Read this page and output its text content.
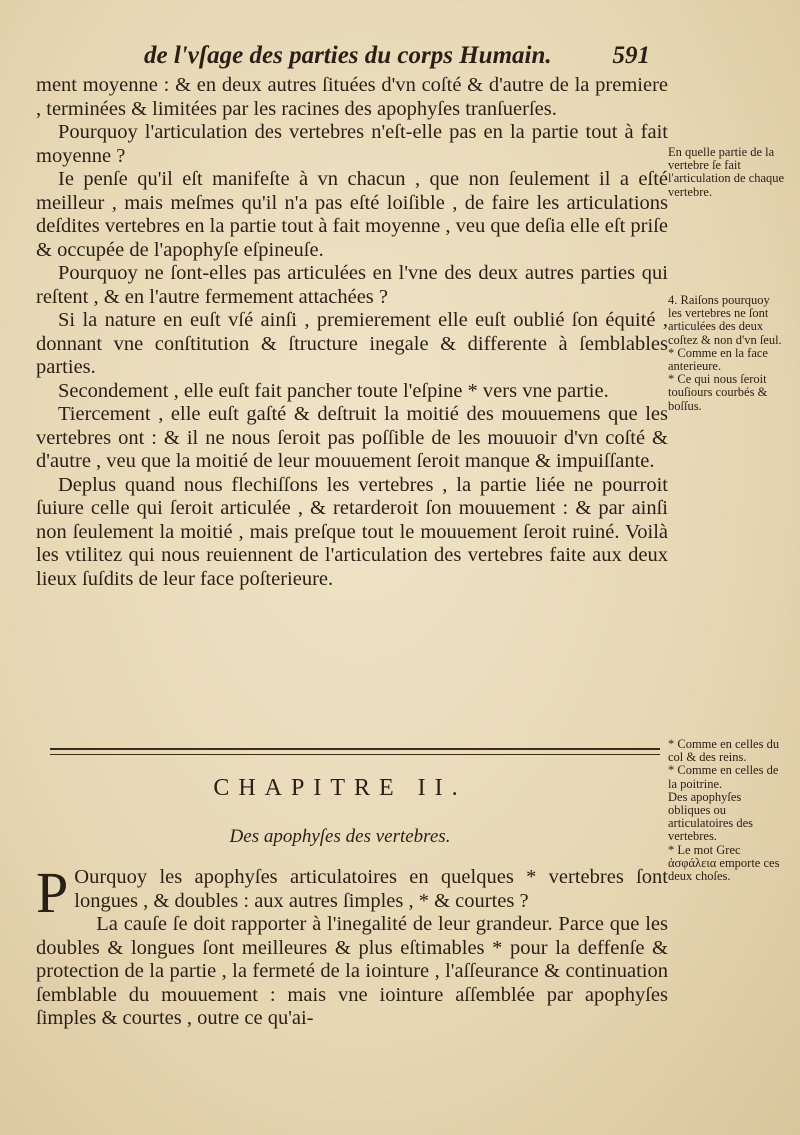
de l'vſage des parties du corps Humain. 591

ment moyenne : & en deux autres ſituées d'vn coſté & d'autre de la premiere , terminées & limitées par les racines des apophyſes tranſuerſes.

Pourquoy l'articulation des vertebres n'eſt-elle pas en la partie tout à fait moyenne ?

Ie penſe qu'il eſt manifeſte à vn chacun , que non ſeulement il a eſté meilleur , mais meſmes qu'il n'a pas eſté loiſible , de faire les articulations deſdites vertebres en la partie tout à fait moyenne , veu que deſia elle eſt priſe & occupée de l'apophyſe eſpineuſe.

Pourquoy ne ſont-elles pas articulées en l'vne des deux autres parties qui reſtent , & en l'autre fermement attachées ?

Si la nature en euſt vſé ainſi , premierement elle euſt oublié ſon équité , donnant vne conſtitution & ſtructure inegale & differente à ſemblables parties.

Secondement , elle euſt fait pancher toute l'eſpine * vers vne partie.

Tiercement , elle euſt gaſté & deſtruit la moitié des mouuemens que les vertebres ont : & il ne nous ſeroit pas poſſible de les mouuoir d'vn coſté & d'autre , veu que la moitié de leur mouuement ſeroit manque & impuiſſante.

Deplus quand nous flechiſſons les vertebres , la partie liée ne pourroit ſuiure celle qui ſeroit articulée , & retarderoit ſon mouuement : & par ainſi non ſeulement la moitié , mais preſque tout le mouuement ſeroit ruiné. Voilà les vtilitez qui nous reuiennent de l'articulation des vertebres faite aux deux lieux ſuſdits de leur face poſterieure.

CHAPITRE II.
Des apophyſes des vertebres.

P Ourquoy les apophyſes articulatoires en quelques * vertebres ſont longues , & doubles : aux autres ſimples , * & courtes ?

La cauſe ſe doit rapporter à l'inegalité de leur grandeur. Parce que les doubles & longues ſont meilleures & plus eſtimables * pour la deffenſe & protection de la partie , la fermeté de la iointure , l'aſſeurance & continuation ſemblable du mouuement : mais vne iointure aſſemblée par apophyſes ſimples & courtes , outre ce qu'ai-

En quelle partie de la vertebre ſe fait l'articulation de chaque vertebre.
4. Raiſons pourquoy les vertebres ne ſont articulées des deux coſtez & non d'vn ſeul.
* Comme en la face anterieure.
* Ce qui nous ſeroit touſiours courbés & boſſus.
* Comme en celles du col & des reins.
* Comme en celles de la poitrine.
Des apophyſes obliques ou articulatoires des vertebres.
* Le mot Grec ἀσφάλεια emporte ces deux choſes.
